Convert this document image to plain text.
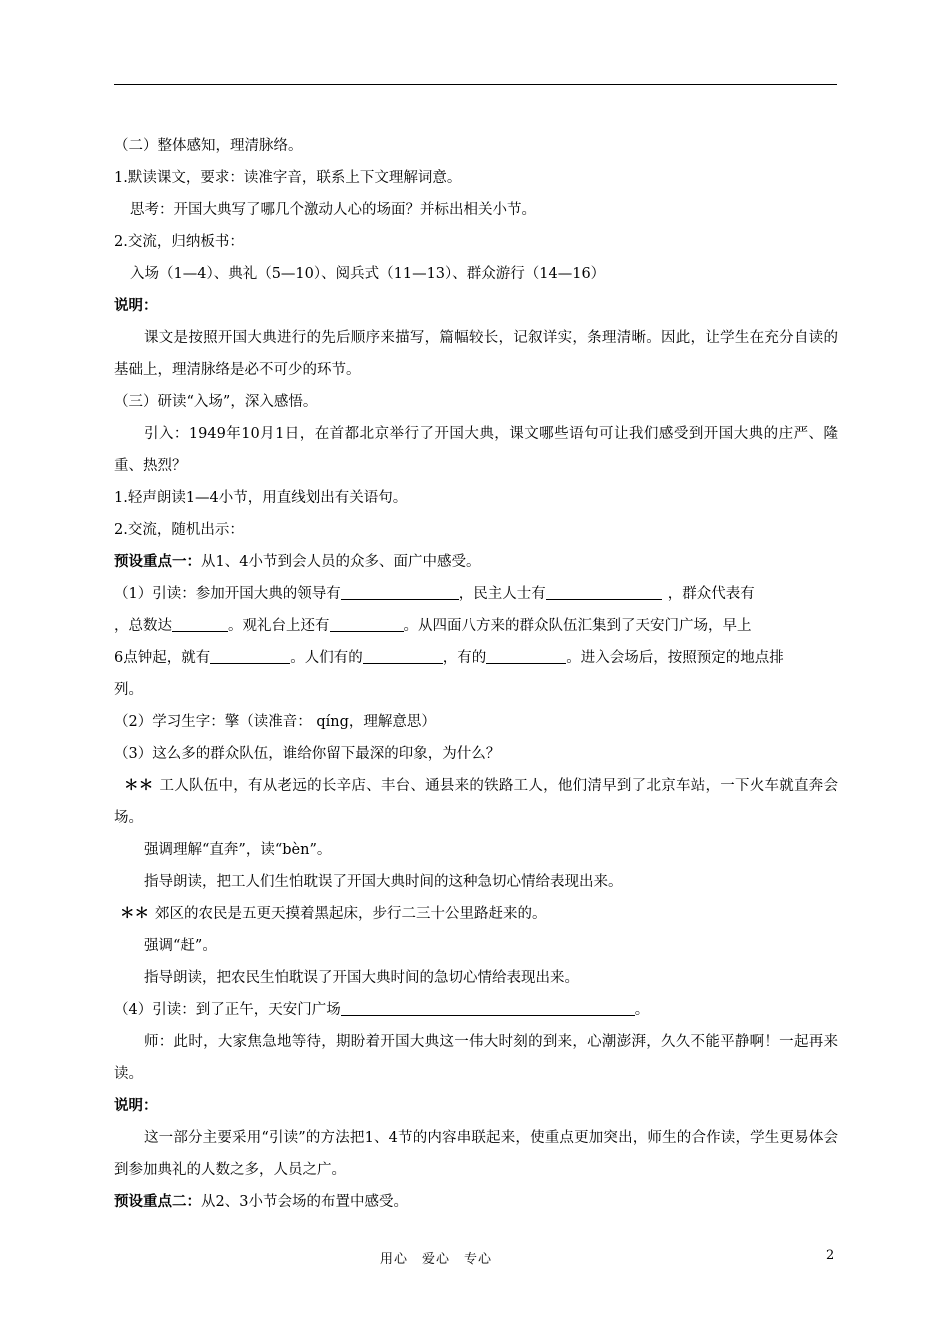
（二）整体感知，理清脉络。
1.默读课文，要求：读准字音，联系上下文理解词意。
思考：开国大典写了哪几个激动人心的场面？并标出相关小节。
2.交流，归纳板书：
入场（1—4）、典礼（5—10）、阅兵式（11—13）、群众游行（14—16）
说明：
课文是按照开国大典进行的先后顺序来描写，篇幅较长，记叙详实，条理清晰。因此，让学生在充分自读的基础上，理清脉络是必不可少的环节。
（三）研读“入场”，深入感悟。
引入：1949年10月1日，在首都北京举行了开国大典，课文哪些语句可让我们感受到开国大典的庄严、隆重、热烈？
1.轻声朗读1—4小节，用直线划出有关语句。
2.交流，随机出示：
预设重点一：从1、4小节到会人员的众多、面广中感受。
（1）引读：参加开国大典的领导有	，民主人士有	，群众代表有
，总数达	。观礼台上还有	。从四面八方来的群众队伍汇集到了天安门广场，早上
6点钟起，就有	。人们有的	，有的	。进入会场后，按照预定的地点排
列。
（2）学习生字：擎（读准音： qíng，理解意思）
（3）这么多的群众队伍，谁给你留下最深的印象，为什么？
＊＊ 工人队伍中，有从老远的长辛店、丰台、通县来的铁路工人，他们清早到了北京车站，一下火车就直奔会场。
强调理解“直奔”，读“bèn”。
指导朗读，把工人们生怕耽误了开国大典时间的这种急切心情给表现出来。
＊＊ 郊区的农民是五更天摸着黑起床，步行二三十公里路赶来的。
强调“赶”。
指导朗读，把农民生怕耽误了开国大典时间的急切心情给表现出来。
（4）引读：到了正午，天安门广场	。
师：此时，大家焦急地等待，期盼着开国大典这一伟大时刻的到来，心潮澎湃，久久不能平静啊！一起再来读。
说明：
这一部分主要采用“引读”的方法把1、4节的内容串联起来，使重点更加突出，师生的合作读，学生更易体会到参加典礼的人数之多，人员之广。
预设重点二：从2、3小节会场的布置中感受。
用心　爱心　专心	2
